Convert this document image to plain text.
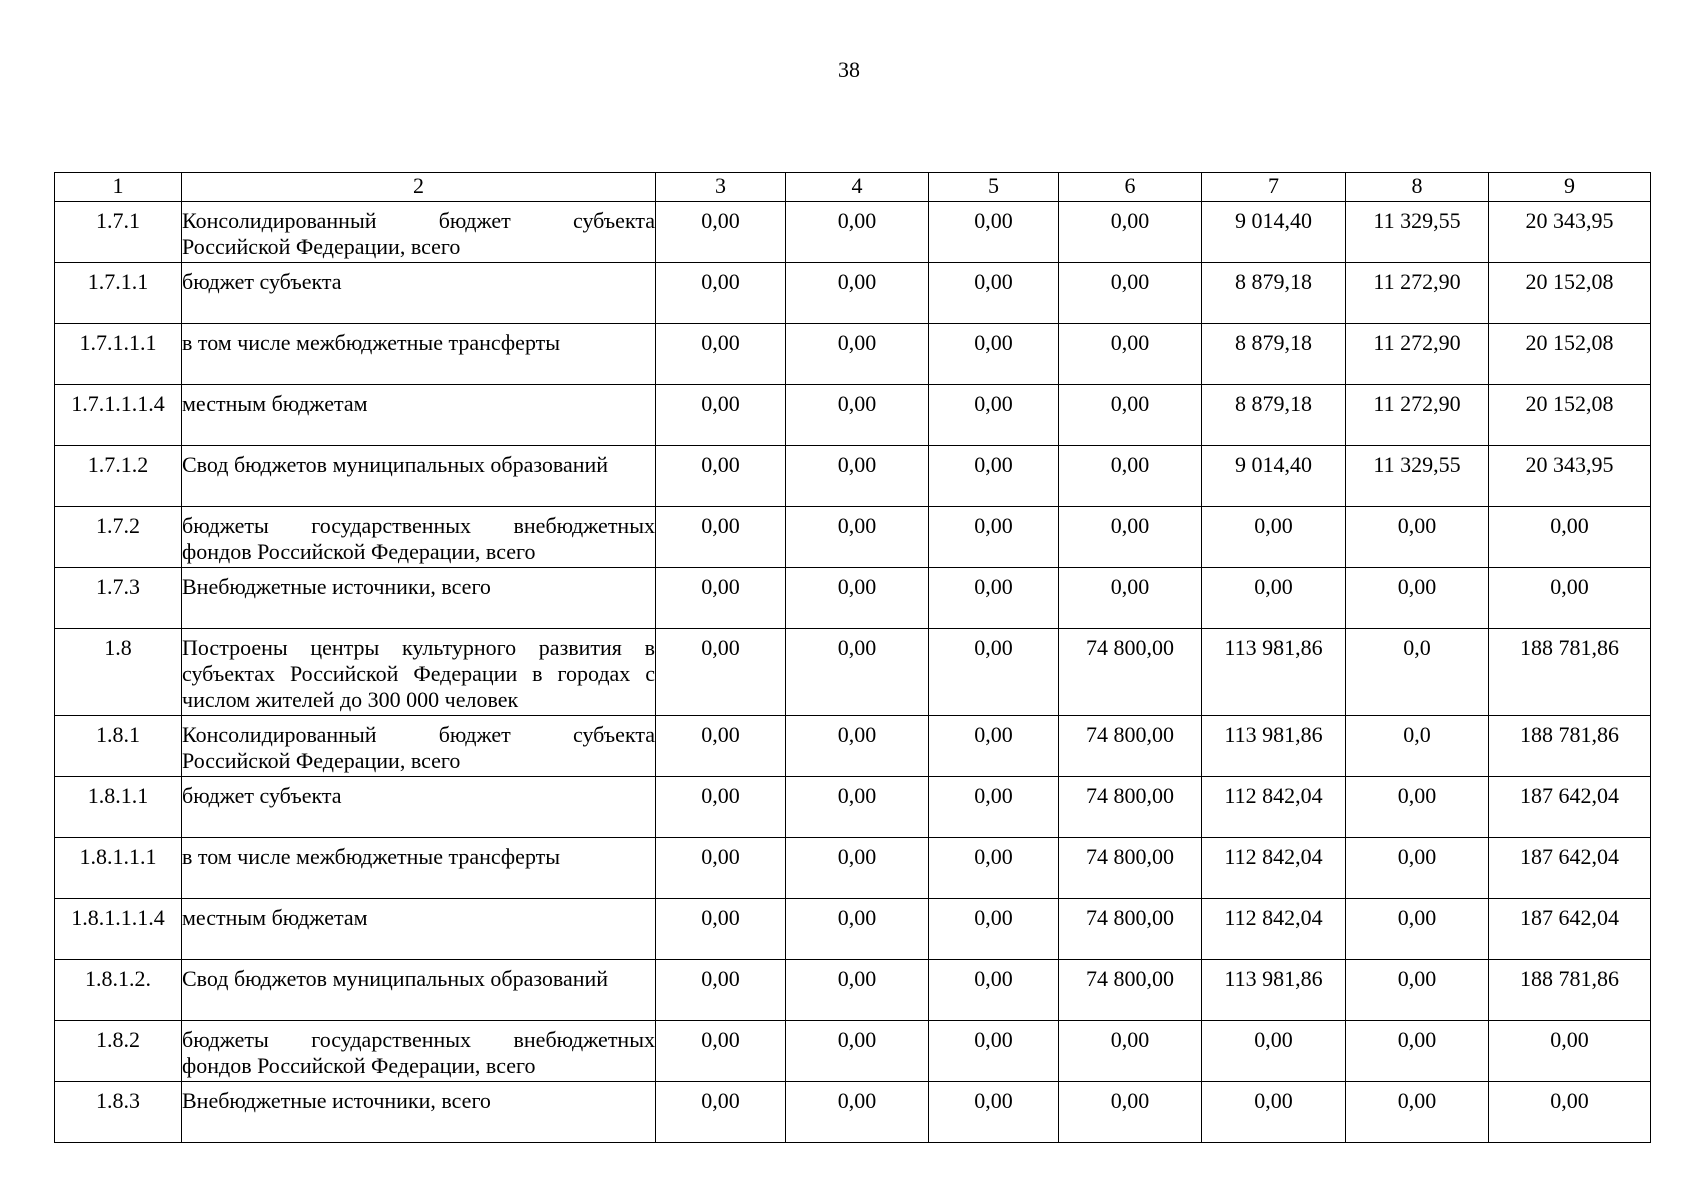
38
1	2	3	4	5	6	7	8	9
1.7.1	Консолидированный бюджет субъекта Российской Федерации, всего	0,00	0,00	0,00	0,00	9 014,40	11 329,55	20 343,95
1.7.1.1	бюджет субъекта	0,00	0,00	0,00	0,00	8 879,18	11 272,90	20 152,08
1.7.1.1.1	в том числе межбюджетные трансферты	0,00	0,00	0,00	0,00	8 879,18	11 272,90	20 152,08
1.7.1.1.1.4	местным бюджетам	0,00	0,00	0,00	0,00	8 879,18	11 272,90	20 152,08
1.7.1.2	Свод бюджетов муниципальных образований	0,00	0,00	0,00	0,00	9 014,40	11 329,55	20 343,95
1.7.2	бюджеты государственных внебюджетных фондов Российской Федерации, всего	0,00	0,00	0,00	0,00	0,00	0,00	0,00
1.7.3	Внебюджетные источники, всего	0,00	0,00	0,00	0,00	0,00	0,00	0,00
1.8	Построены центры культурного развития в субъектах Российской Федерации в городах с числом жителей до 300 000 человек	0,00	0,00	0,00	74 800,00	113 981,86	0,0	188 781,86
1.8.1	Консолидированный бюджет субъекта Российской Федерации, всего	0,00	0,00	0,00	74 800,00	113 981,86	0,0	188 781,86
1.8.1.1	бюджет субъекта	0,00	0,00	0,00	74 800,00	112 842,04	0,00	187 642,04
1.8.1.1.1	в том числе межбюджетные трансферты	0,00	0,00	0,00	74 800,00	112 842,04	0,00	187 642,04
1.8.1.1.1.4	местным бюджетам	0,00	0,00	0,00	74 800,00	112 842,04	0,00	187 642,04
1.8.1.2.	Свод бюджетов муниципальных образований	0,00	0,00	0,00	74 800,00	113 981,86	0,00	188 781,86
1.8.2	бюджеты государственных внебюджетных фондов Российской Федерации, всего	0,00	0,00	0,00	0,00	0,00	0,00	0,00
1.8.3	Внебюджетные источники, всего	0,00	0,00	0,00	0,00	0,00	0,00	0,00
